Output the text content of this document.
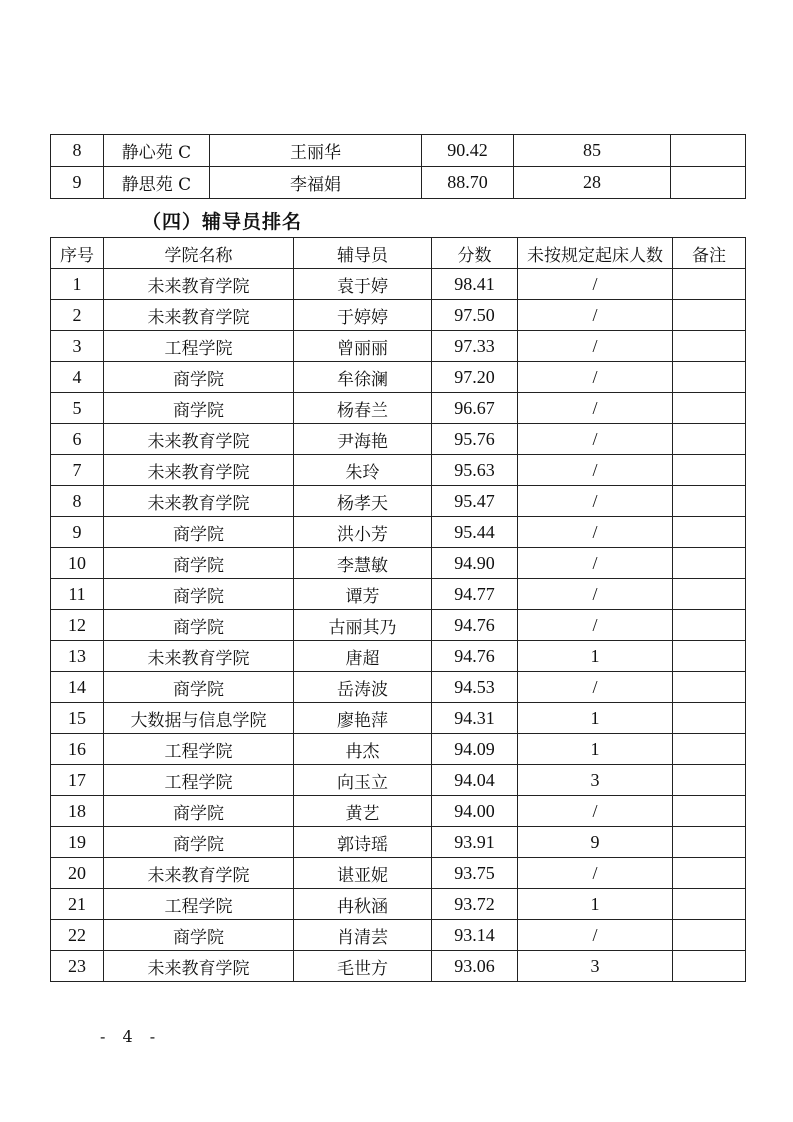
8	静心苑 C	王丽华	90.42	85	
9	静思苑 C	李福娟	88.70	28	
（四）辅导员排名
序号	学院名称	辅导员	分数	未按规定起床人数	备注
1	未来教育学院	袁于婷	98.41	/	
2	未来教育学院	于婷婷	97.50	/	
3	工程学院	曾丽丽	97.33	/	
4	商学院	牟徐澜	97.20	/	
5	商学院	杨春兰	96.67	/	
6	未来教育学院	尹海艳	95.76	/	
7	未来教育学院	朱玲	95.63	/	
8	未来教育学院	杨孝天	95.47	/	
9	商学院	洪小芳	95.44	/	
10	商学院	李慧敏	94.90	/	
11	商学院	谭芳	94.77	/	
12	商学院	古丽其乃	94.76	/	
13	未来教育学院	唐超	94.76	1	
14	商学院	岳涛波	94.53	/	
15	大数据与信息学院	廖艳萍	94.31	1	
16	工程学院	冉杰	94.09	1	
17	工程学院	向玉立	94.04	3	
18	商学院	黄艺	94.00	/	
19	商学院	郭诗瑶	93.91	9	
20	未来教育学院	谌亚妮	93.75	/	
21	工程学院	冉秋涵	93.72	1	
22	商学院	肖清芸	93.14	/	
23	未来教育学院	毛世方	93.06	3	
- 4 -
